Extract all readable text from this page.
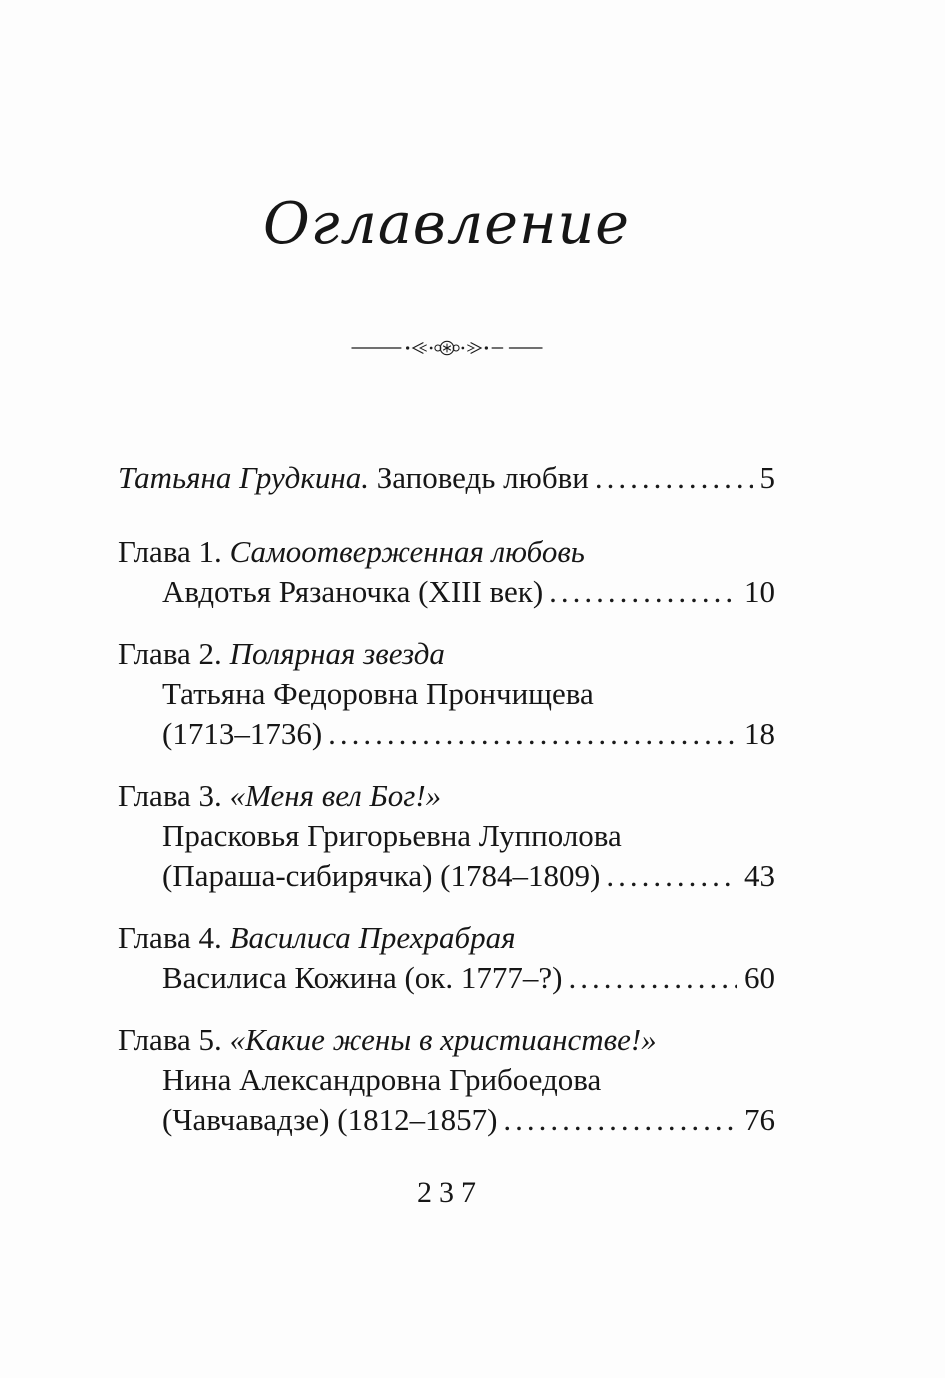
Оглавление
Татьяна Грудкина. Заповедь любви .....	5
Глава 1. Самоотверженная любовь
Авдотья Рязаночка (XIII век) .....	10
Глава 2. Полярная звезда
Татьяна Федоровна Прончищева
(1713–1736) .....	18
Глава 3. «Меня вел Бог!»
Прасковья Григорьевна Лупполова
(Параша-сибирячка) (1784–1809) .....	43
Глава 4. Василиса Прехрабрая
Василиса Кожина (ок. 1777–?) .....	60
Глава 5. «Какие жены в христианстве!»
Нина Александровна Грибоедова
(Чавчавадзе) (1812–1857) .....	76
237
